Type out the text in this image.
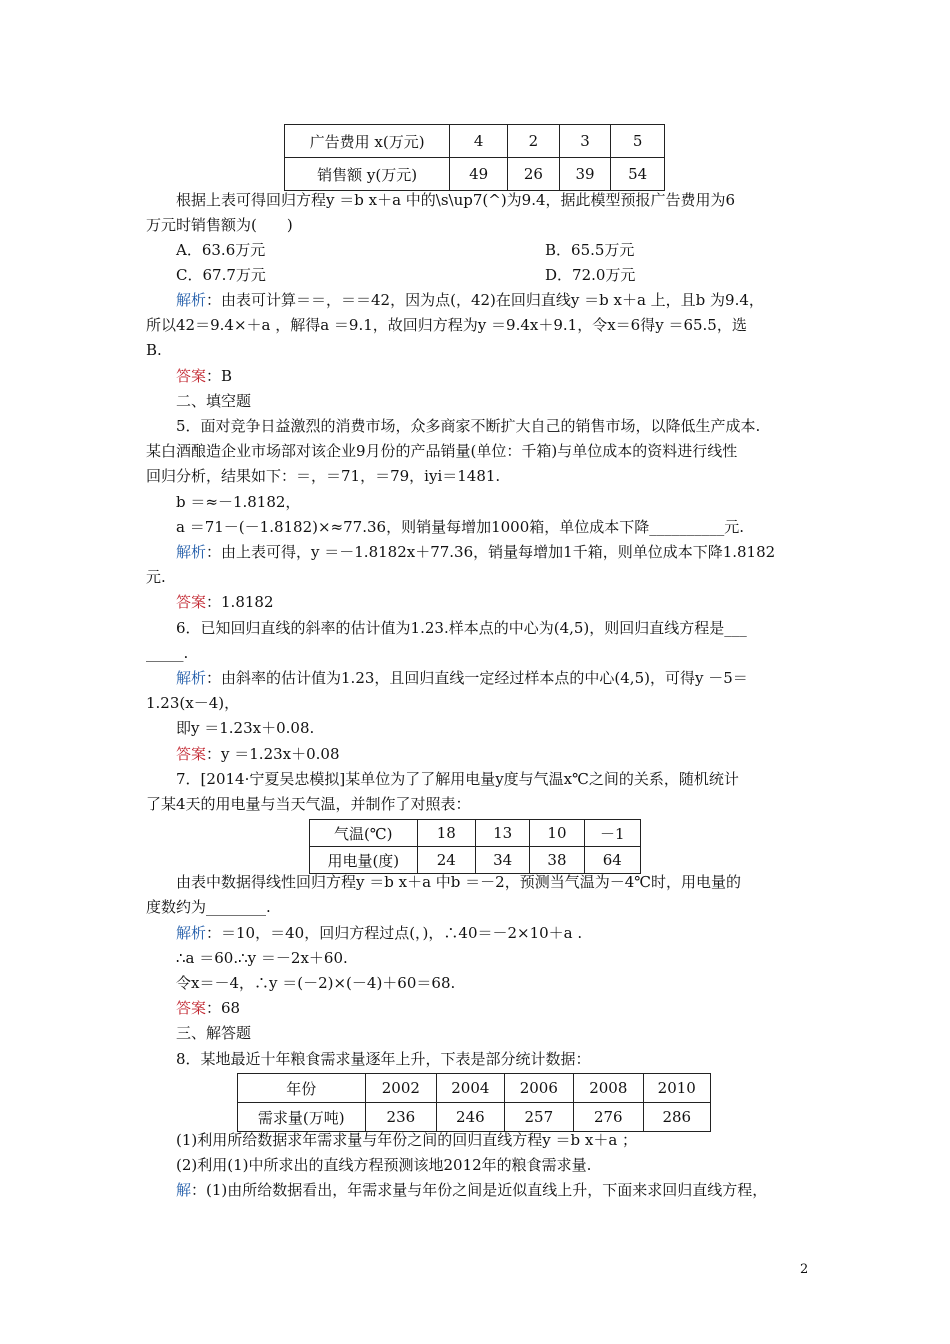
广告费用 x(万元)	4	2	3	5
销售额 y(万元)	49	26	39	54
根据上表可得回归方程y ＝b x＋a 中的\s\up7(^)为9.4，据此模型预报广告费用为6
万元时销售额为(　　)
A．63.6万元	B．65.5万元
C．67.7万元	D．72.0万元
解析：由表可计算＝＝，＝＝42，因为点(，42)在回归直线y ＝b x＋a 上，且b 为9.4，
所以42＝9.4×＋a ，解得a ＝9.1，故回归方程为y ＝9.4x＋9.1，令x＝6得y ＝65.5，选
B.
答案：B
二、填空题
5．面对竞争日益激烈的消费市场，众多商家不断扩大自己的销售市场，以降低生产成本.
某白酒酿造企业市场部对该企业9月份的产品销量(单位：千箱)与单位成本的资料进行线性
回归分析，结果如下：＝，＝71，＝79，iyi＝1481.
b ＝≈－1.8182，
a ＝71－(－1.8182)×≈77.36，则销量每增加1000箱，单位成本下降__________元.
解析：由上表可得，y ＝－1.8182x＋77.36，销量每增加1千箱，则单位成本下降1.8182
元.
答案：1.8182
6．已知回归直线的斜率的估计值为1.23.样本点的中心为(4,5)，则回归直线方程是___
_____.
解析：由斜率的估计值为1.23，且回归直线一定经过样本点的中心(4,5)，可得y －5＝
1.23(x－4)，
即y ＝1.23x＋0.08.
答案：y ＝1.23x＋0.08
7．[2014·宁夏吴忠模拟]某单位为了了解用电量y度与气温x℃之间的关系，随机统计
了某4天的用电量与当天气温，并制作了对照表：
气温(℃)	18	13	10	－1
用电量(度)	24	34	38	64
由表中数据得线性回归方程y ＝b x＋a 中b ＝－2，预测当气温为－4℃时，用电量的
度数约为________.
解析：＝10，＝40，回归方程过点(，)，∴40＝－2×10＋a .
∴a ＝60.∴y ＝－2x＋60.
令x＝－4，∴y ＝(－2)×(－4)＋60＝68.
答案：68
三、解答题
8．某地最近十年粮食需求量逐年上升，下表是部分统计数据：
年份	2002	2004	2006	2008	2010
需求量(万吨)	236	246	257	276	286
(1)利用所给数据求年需求量与年份之间的回归直线方程y ＝b x＋a ；
(2)利用(1)中所求出的直线方程预测该地2012年的粮食需求量.
解：(1)由所给数据看出，年需求量与年份之间是近似直线上升，下面来求回归直线方程，
2
